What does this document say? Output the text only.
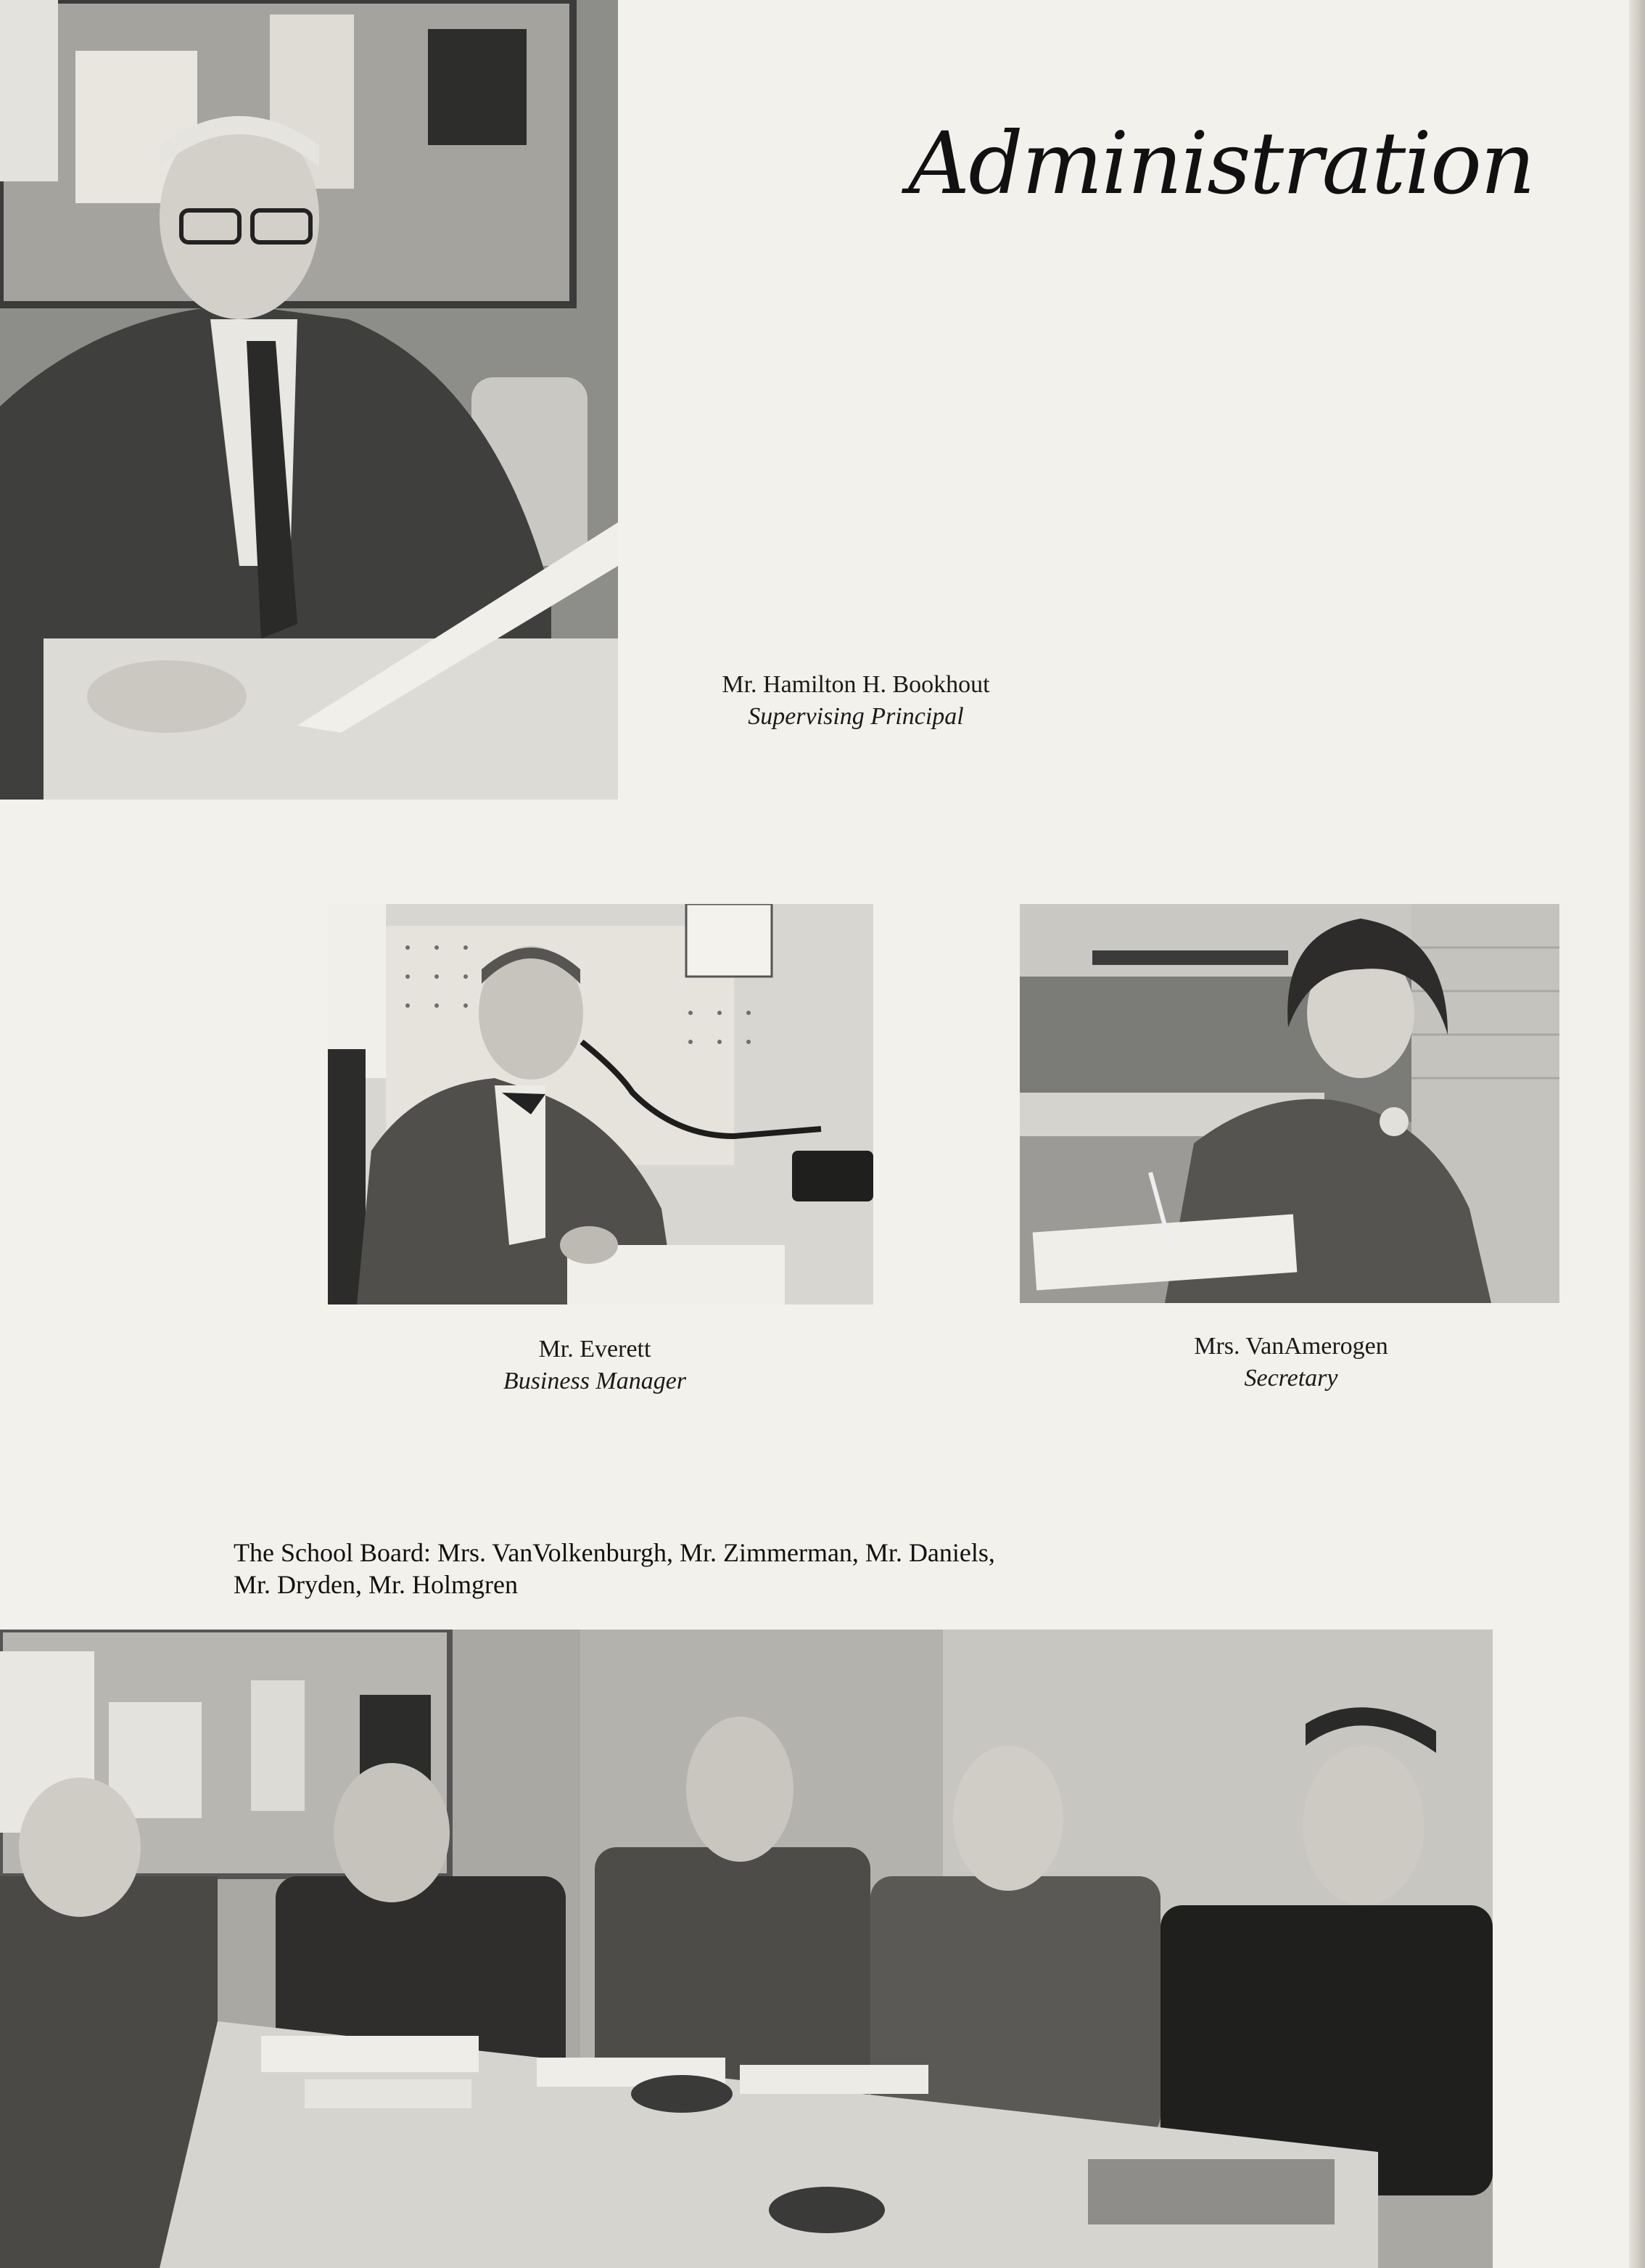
Administration
Mr. Hamilton H. Bookhout
Supervising Principal
Mr. Everett
Business Manager
Mrs. VanAmerogen
Secretary
The School Board: Mrs. VanVolkenburgh, Mr. Zimmerman, Mr. Daniels,
Mr. Dryden, Mr. Holmgren
